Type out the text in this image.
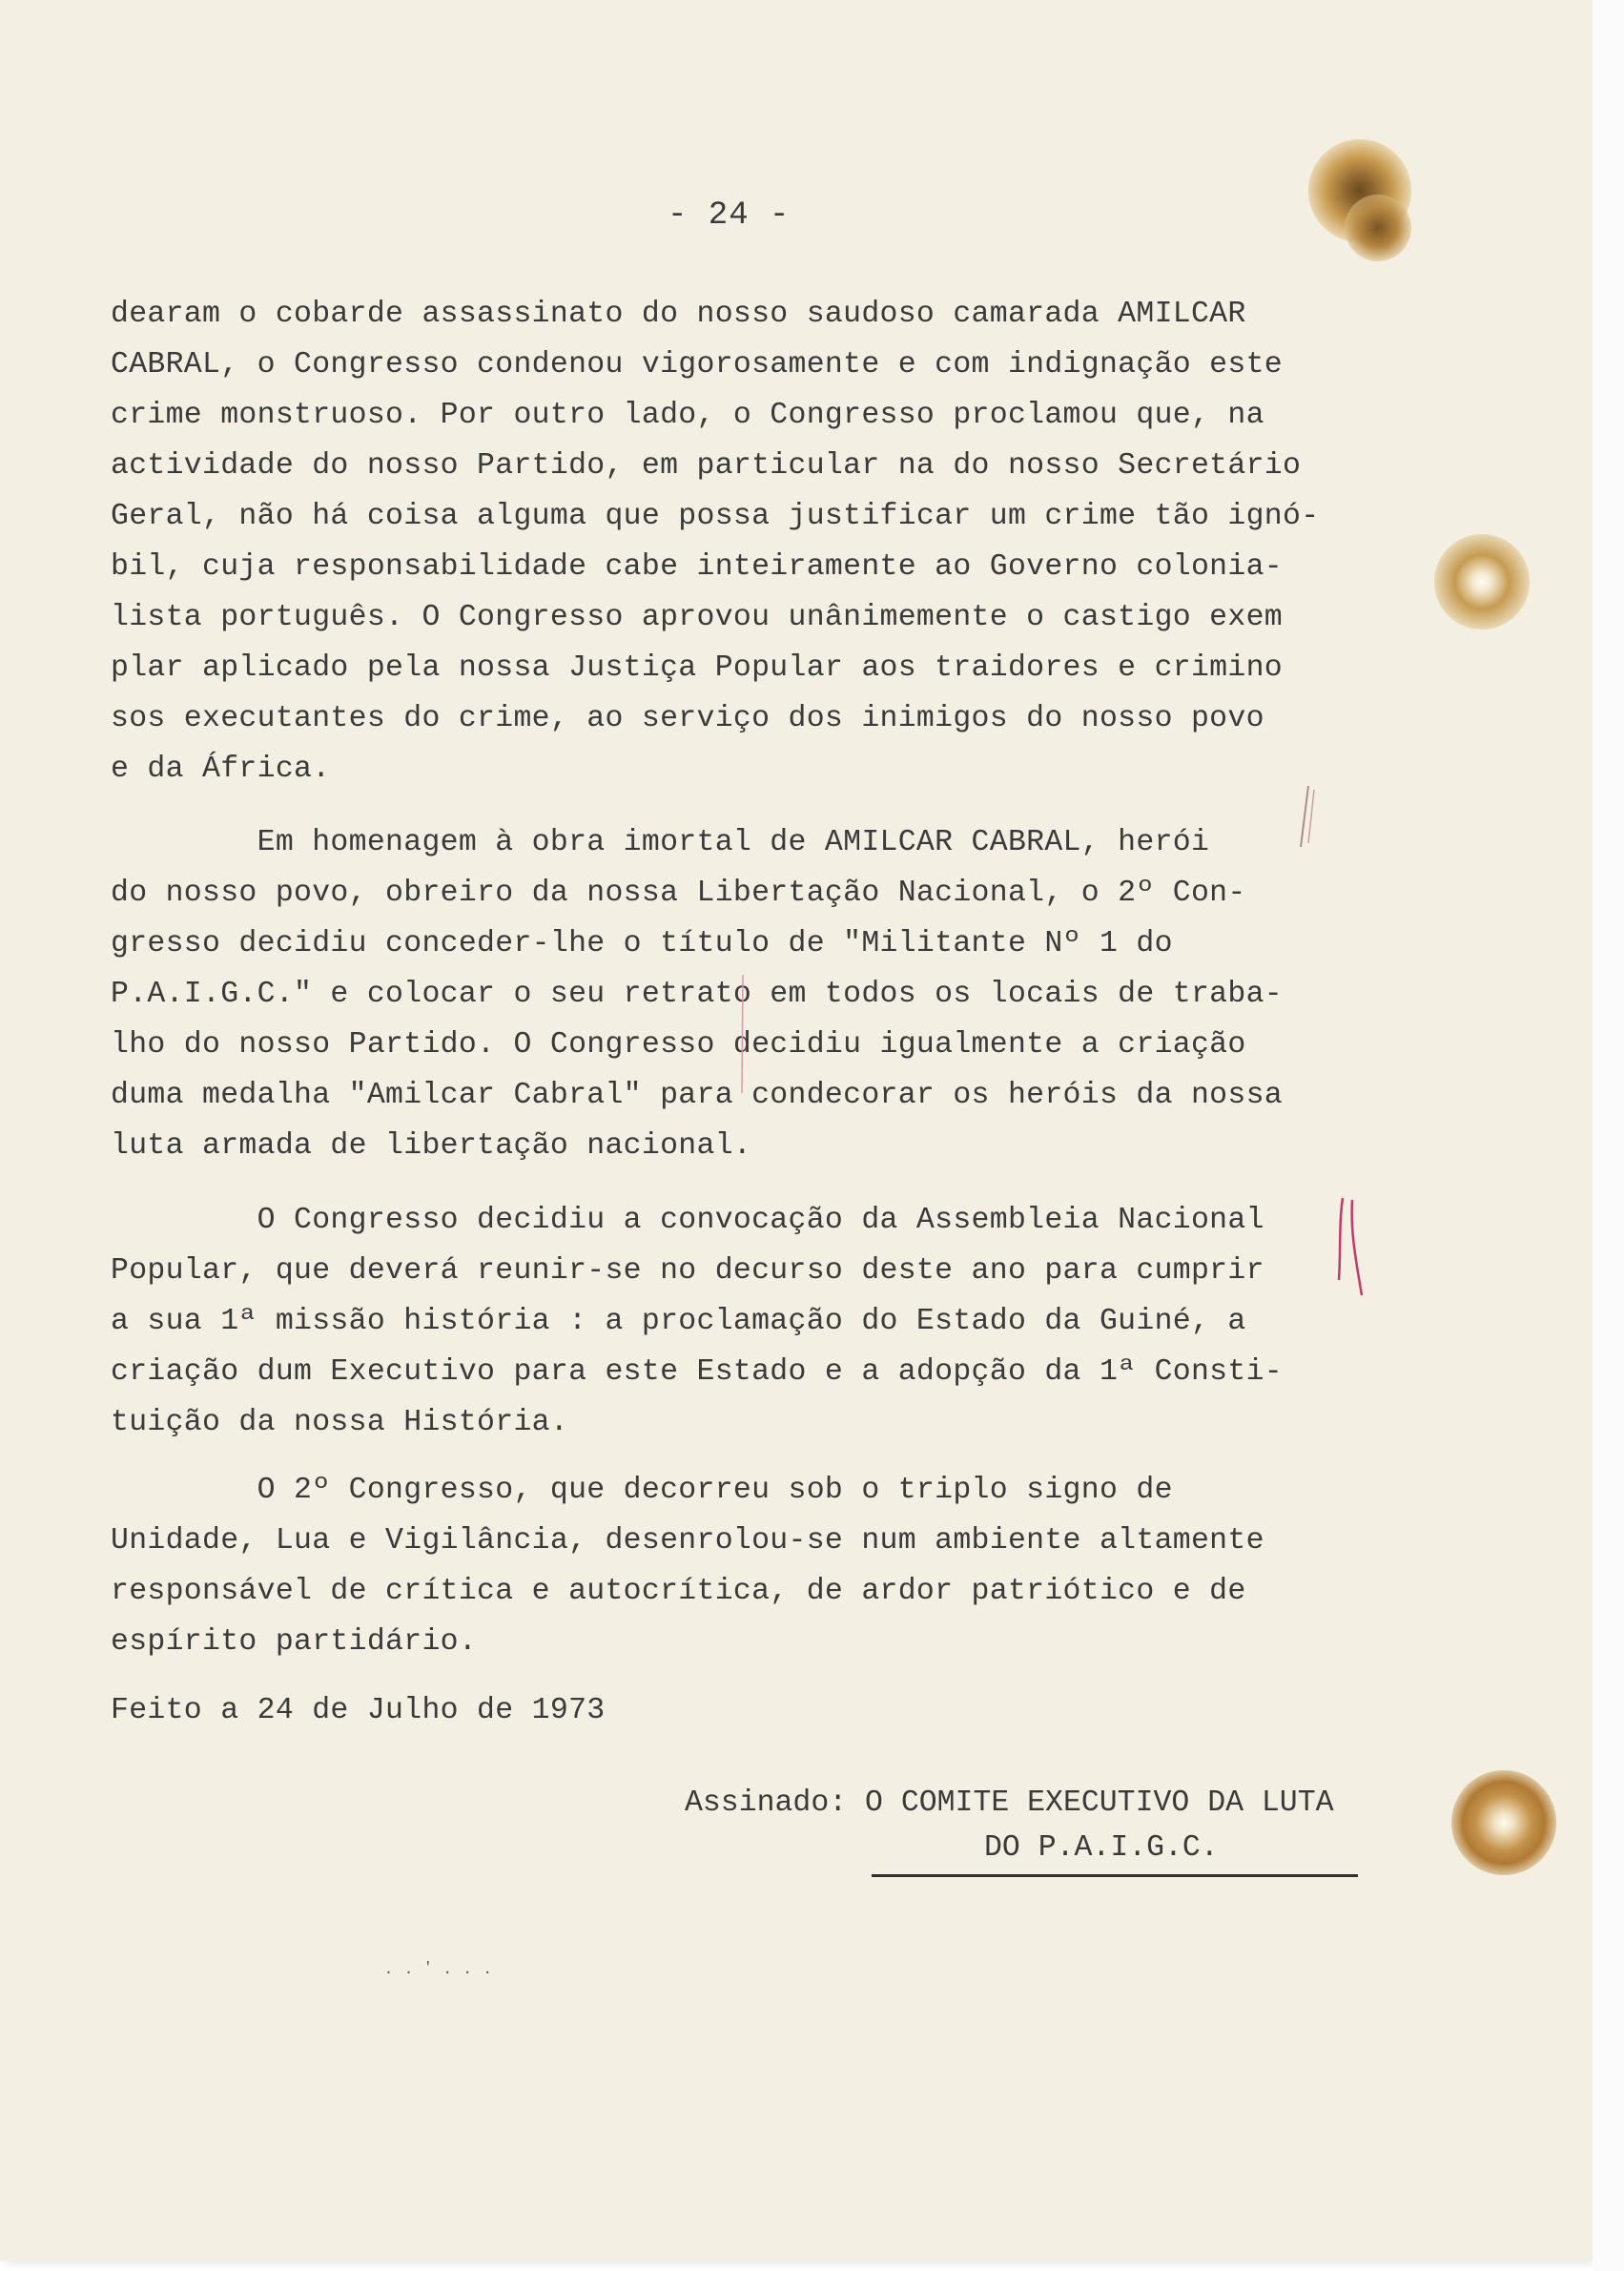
- 24 -
dearam o cobarde assassinato do nosso saudoso camarada AMILCAR
CABRAL, o Congresso condenou vigorosamente e com indignação este
crime monstruoso. Por outro lado, o Congresso proclamou que, na
actividade do nosso Partido, em particular na do nosso Secretário
Geral, não há coisa alguma que possa justificar um crime tão ignó-
bil, cuja responsabilidade cabe inteiramente ao Governo colonia-
lista português. O Congresso aprovou unânimemente o castigo exem
plar aplicado pela nossa Justiça Popular aos traidores e crimino
sos executantes do crime, ao serviço dos inimigos do nosso povo
e da África.
Em homenagem à obra imortal de AMILCAR CABRAL, herói
do nosso povo, obreiro da nossa Libertação Nacional, o 2º Con-
gresso decidiu conceder-lhe o título de "Militante Nº 1 do
P.A.I.G.C." e colocar o seu retrato em todos os locais de traba-
lho do nosso Partido. O Congresso decidiu igualmente a criação
duma medalha "Amilcar Cabral" para condecorar os heróis da nossa
luta armada de libertação nacional.
O Congresso decidiu a convocação da Assembleia Nacional
Popular, que deverá reunir-se no decurso deste ano para cumprir
a sua 1ª missão história : a proclamação do Estado da Guiné, a
criação dum Executivo para este Estado e a adopção da 1ª Consti-
tuição da nossa História.
O 2º Congresso, que decorreu sob o triplo signo de
Unidade, Lua e Vigilância, desenrolou-se num ambiente altamente
responsável de crítica e autocrítica, de ardor patriótico e de
espírito partidário.
Feito a 24 de Julho de 1973
Assinado: O COMITE EXECUTIVO DA LUTA
DO P.A.I.G.C.
. . ' . . .
